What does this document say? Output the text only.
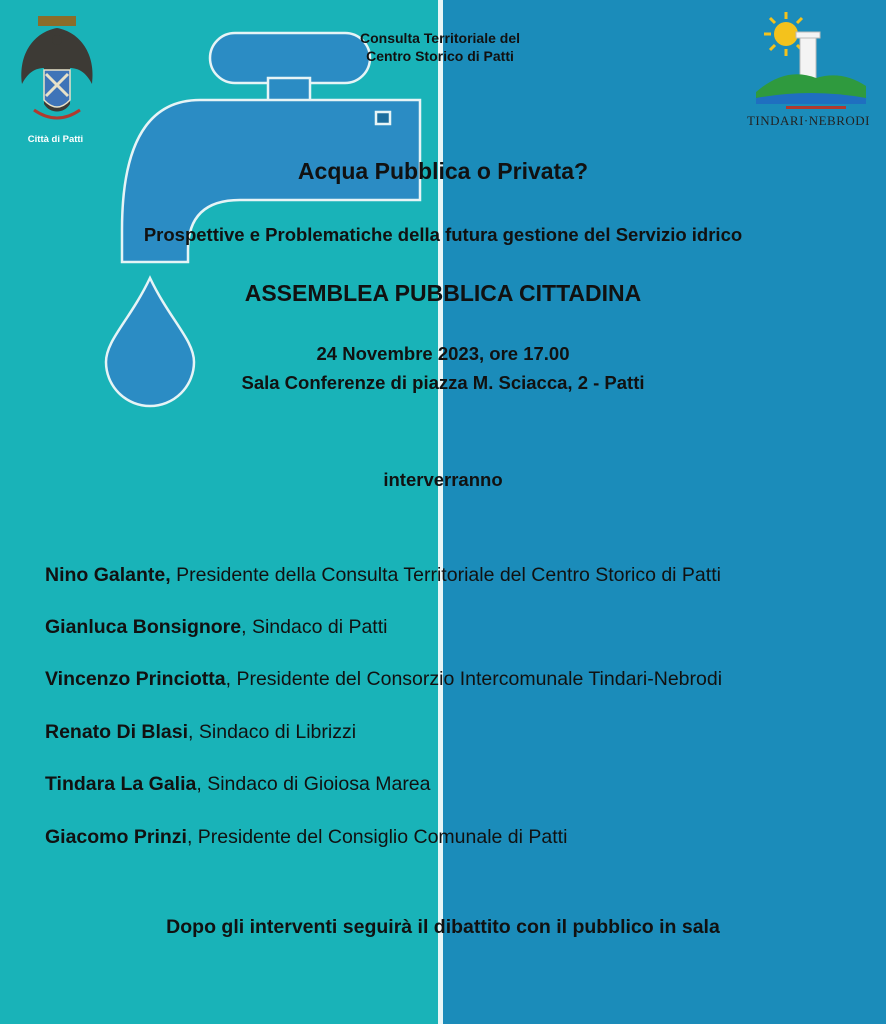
Città di Patti
TINDARI·NEBRODI
Consulta Territoriale del
Centro Storico di Patti
Acqua Pubblica o Privata?
Prospettive e Problematiche della futura gestione del Servizio idrico
ASSEMBLEA PUBBLICA CITTADINA
24 Novembre 2023, ore 17.00
Sala Conferenze di piazza M. Sciacca, 2 - Patti
interverranno
Nino Galante, Presidente della Consulta Territoriale del Centro Storico di Patti
Gianluca Bonsignore, Sindaco di Patti
Vincenzo Princiotta, Presidente del Consorzio Intercomunale Tindari-Nebrodi
Renato Di Blasi, Sindaco di Librizzi
Tindara La Galia, Sindaco di Gioiosa Marea
Giacomo Prinzi, Presidente del Consiglio Comunale di Patti
Dopo gli interventi seguirà il dibattito con il pubblico in sala
